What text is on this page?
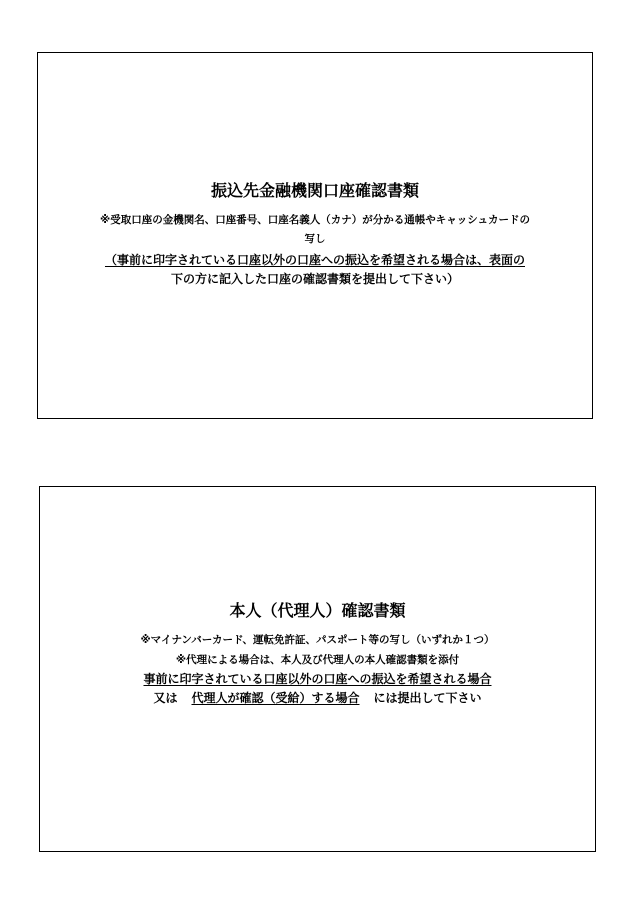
振込先金融機関口座確認書類
※受取口座の金機関名、口座番号、口座名義人（カナ）が分かる通帳やキャッシュカードの
写し
（事前に印字されている口座以外の口座への振込を希望される場合は、表面の
下の方に記入した口座の確認書類を提出して下さい）
本人（代理人）確認書類
※マイナンバーカード、運転免許証、パスポート等の写し（いずれか１つ）
※代理による場合は、本人及び代理人の本人確認書類を添付
事前に印字されている口座以外の口座への振込を希望される場合
又は 代理人が確認（受給）する場合 には提出して下さい
